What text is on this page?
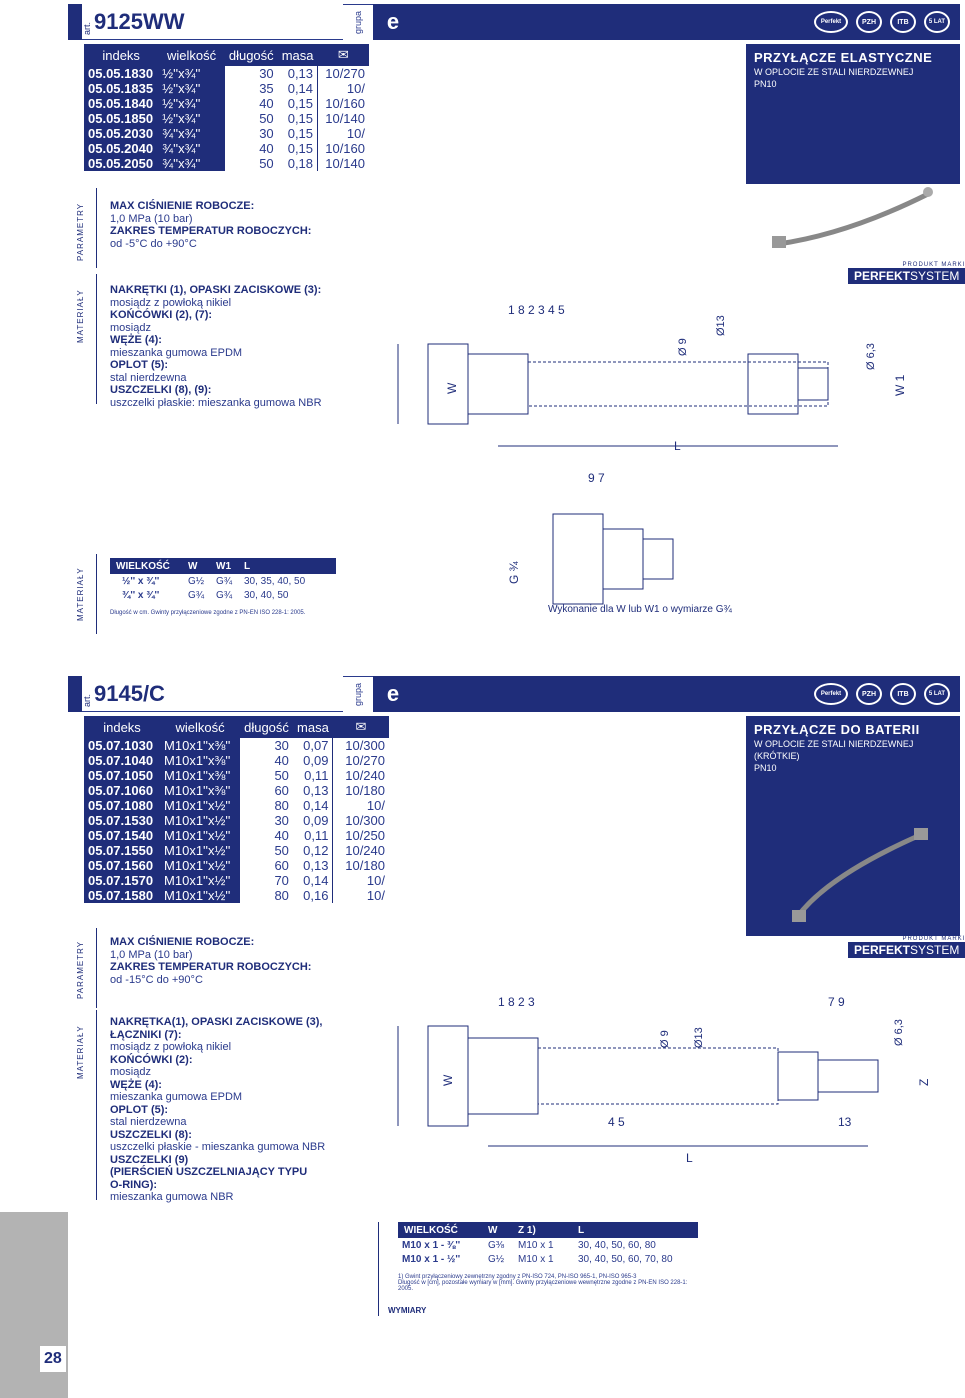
art. 9125WW	grupa	e	Perfekt	PZH	ITB	5 LAT
indeks	wielkość	długość	masa	✉
05.05.1830	½''x¾''	30	0,13	10/270
05.05.1835	½''x¾''	35	0,14	10/
05.05.1840	½''x¾''	40	0,15	10/160
05.05.1850	½''x¾''	50	0,15	10/140
05.05.2030	¾''x¾''	30	0,15	10/
05.05.2040	¾''x¾''	40	0,15	10/160
05.05.2050	¾''x¾''	50	0,18	10/140
PRZYŁĄCZE ELASTYCZNE
W OPLOCIE ZE STALI NIERDZEWNEJ
PN10
PARAMETRY	MAX CIŚNIENIE ROBOCZE:
1,0 MPa (10 bar)
ZAKRES TEMPERATUR ROBOCZYCH:
od -5°C do +90°C
MATERIAŁY	NAKRĘTKI (1), OPASKI ZACISKOWE (3):
mosiądz z powłoką nikiel
KOŃCÓWKI (2), (7):
mosiądz
WĘŻE (4):
mieszanka gumowa EPDM
OPLOT (5):
stal nierdzewna
USZCZELKI (8), (9):
uszczelki płaskie: mieszanka gumowa NBR
PRODUKT MARKI
PERFEKTSYSTEM
1 8 2 3 4 5
Ø 9
Ø13
Ø 6,3
W	W 1
L
9 7
G ¾
MATERIAŁY
WIELKOŚĆ	W	W1	L
½'' x ¾''	G½	G¾	30, 35, 40, 50
¾'' x ¾''	G¾	G¾	30, 40, 50
Długość w cm. Gwinty przyłączeniowe zgodne z PN-EN ISO 228-1: 2005.	Wykonanie dla W lub W1 o wymiarze G¾
art. 9145/C	grupa	e	Perfekt	PZH	ITB	5 LAT
indeks	wielkość	długość	masa	✉
05.07.1030	M10x1''x⅜''	30	0,07	10/300
05.07.1040	M10x1''x⅜''	40	0,09	10/270
05.07.1050	M10x1''x⅜''	50	0,11	10/240
05.07.1060	M10x1''x⅜''	60	0,13	10/180
05.07.1080	M10x1''x½''	80	0,14	10/
05.07.1530	M10x1''x½''	30	0,09	10/300
05.07.1540	M10x1''x½''	40	0,11	10/250
05.07.1550	M10x1''x½''	50	0,12	10/240
05.07.1560	M10x1''x½''	60	0,13	10/180
05.07.1570	M10x1''x½''	70	0,14	10/
05.07.1580	M10x1''x½''	80	0,16	10/
PRZYŁĄCZE DO BATERII
W OPLOCIE ZE STALI NIERDZEWNEJ
(KRÓTKIE)
PN10
PRODUKT MARKI
PERFEKTSYSTEM
PARAMETRY	MAX CIŚNIENIE ROBOCZE:
1,0 MPa (10 bar)
ZAKRES TEMPERATUR ROBOCZYCH:
od -15°C do +90°C
MATERIAŁY
NAKRĘTKA(1), OPASKI ZACISKOWE (3),
ŁĄCZNIKI (7):
mosiądz z powłoką nikiel
KOŃCÓWKI (2):
mosiądz
WĘŻE (4):
mieszanka gumowa EPDM
OPLOT (5):
stal nierdzewna
USZCZELKI (8):
uszczelki płaskie - mieszanka gumowa NBR
USZCZELKI (9)
(PIERŚCIEŃ USZCZELNIAJĄCY TYPU
O-RING):
mieszanka gumowa NBR
1 8 2 3	7 9
Ø 9 Ø13	Ø 6,3
W	Z
4 5	13
L
WIELKOŚĆ	W	Z 1)	L
M10 x 1 - ⅜''	G⅜	M10 x 1	30, 40, 50, 60, 80
M10 x 1 - ½''	G½	M10 x 1	30, 40, 50, 60, 70, 80
1) Gwint przyłączeniowy zewnętrzny zgodny z PN-ISO 724, PN-ISO 965-1, PN-ISO 965-3
Długość w [cm], pozostałe wymiary w [mm]. Gwinty przyłączeniowe wewnętrzne zgodne z PN-EN ISO 228-1: 2005.
WYMIARY
28
